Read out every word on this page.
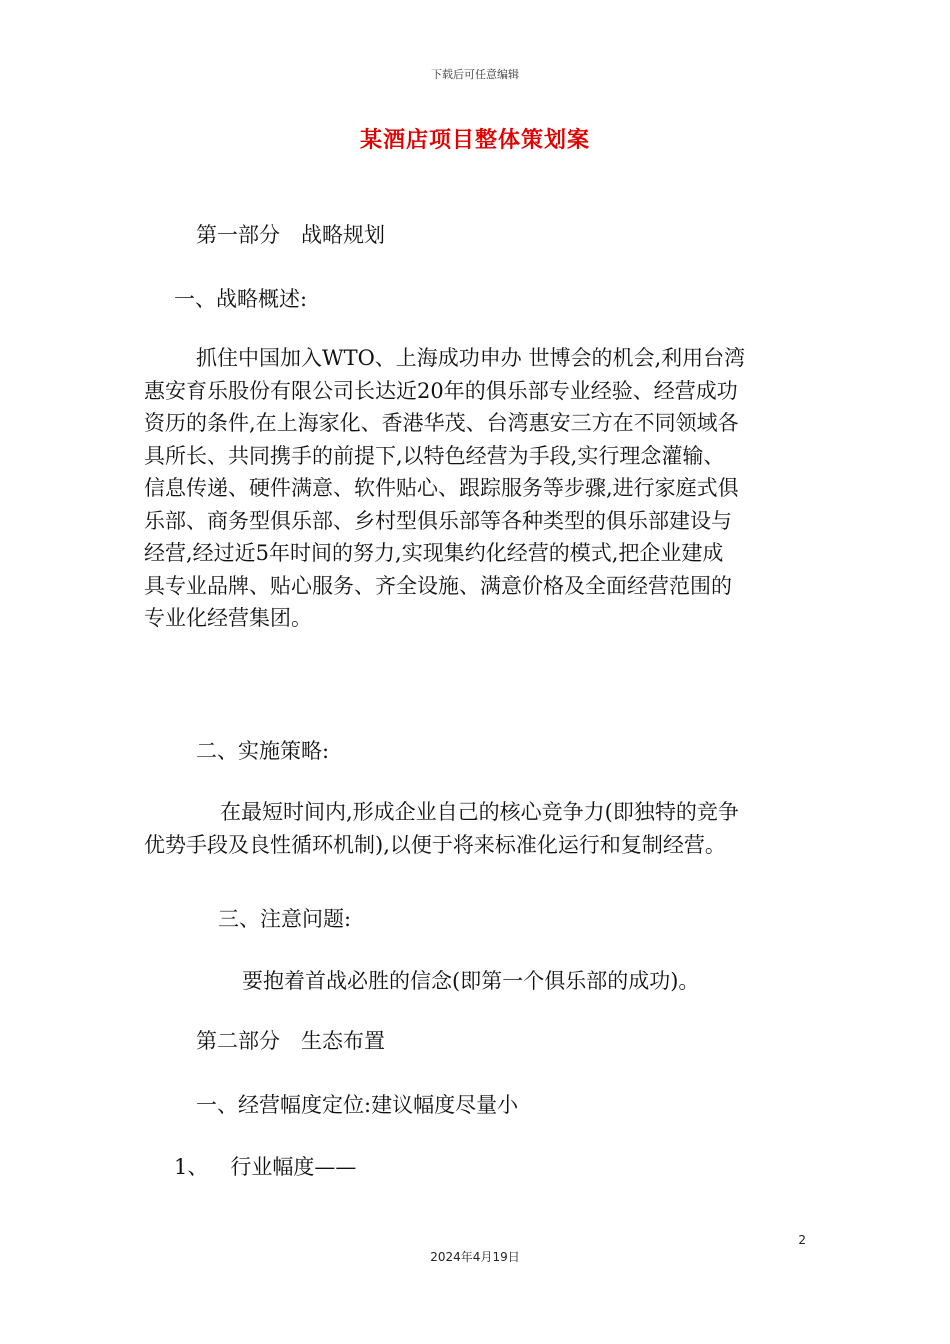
下载后可任意编辑
某酒店项目整体策划案
第一部分　战略规划
一、战略概述:
抓住中国加入WTO、上海成功申办 世博会的机会,利用台湾
惠安育乐股份有限公司长达近20年的俱乐部专业经验、经营成功
资历的条件,在上海家化、香港华茂、台湾惠安三方在不同领域各
具所长、共同携手的前提下,以特色经营为手段,实行理念灌输、
信息传递、硬件满意、软件贴心、跟踪服务等步骤,进行家庭式俱
乐部、商务型俱乐部、乡村型俱乐部等各种类型的俱乐部建设与
经营,经过近5年时间的努力,实现集约化经营的模式,把企业建成
具专业品牌、贴心服务、齐全设施、满意价格及全面经营范围的
专业化经营集团。
二、实施策略:
在最短时间内,形成企业自己的核心竞争力(即独特的竞争
优势手段及良性循环机制),以便于将来标准化运行和复制经营。
三、注意问题:
要抱着首战必胜的信念(即第一个俱乐部的成功)。
第二部分　生态布置
一、经营幅度定位:建议幅度尽量小
1、 行业幅度——
2
2024年4月19日
